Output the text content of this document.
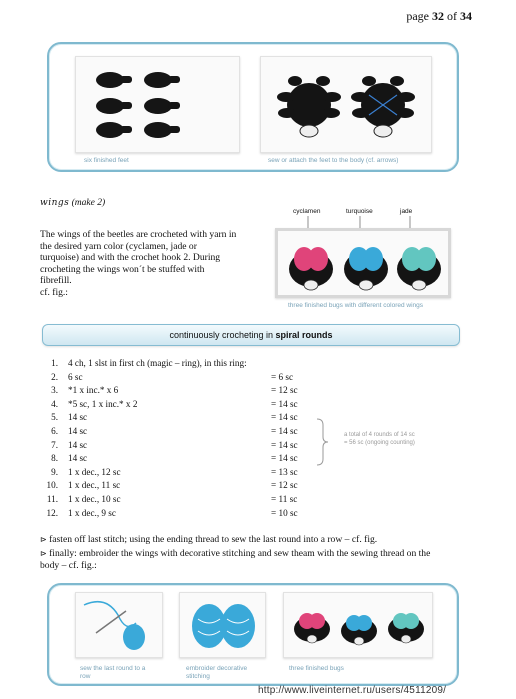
page 32 of 34
six finished feet	sew or attach the feet to the body (cf. arrows)
wings (make 2)
The wings of the beetles are crocheted with yarn in
the desired yarn color (cyclamen, jade or
turquoise) and with the crochet hook 2. During
crocheting the wings won´t be stuffed with
fibrefill.
cf. fig.:
cyclamen	turquoise	jade
three finished bugs with different colored wings
continuously crocheting in spiral rounds
1. 4 ch, 1 slst in first ch (magic – ring), in this ring:
2. 6 sc	= 6 sc
3. *1 x inc.* x 6	= 12 sc
4. *5 sc, 1 x inc.* x 2	= 14 sc
5. 14 sc	= 14 sc
6. 14 sc	= 14 sc
7. 14 sc	= 14 sc
8. 14 sc	= 14 sc
9. 1 x dec., 12 sc	= 13 sc
10. 1 x dec., 11 sc	= 12 sc
11. 1 x dec., 10 sc	= 11 sc
12. 1 x dec., 9 sc	= 10 sc
a total of 4 rounds of 14 sc
= 56 sc (ongoing counting)
⊳ fasten off last stitch; using the ending thread to sew the last round into a row – cf. fig.
⊳ finally: embroider the wings with decorative stitching and sew theam with the sewing thread on the
body – cf. fig.:
sew the last round to a
row
embroider decorative
stitching
three finished bugs
http://www.liveinternet.ru/users/4511209/
